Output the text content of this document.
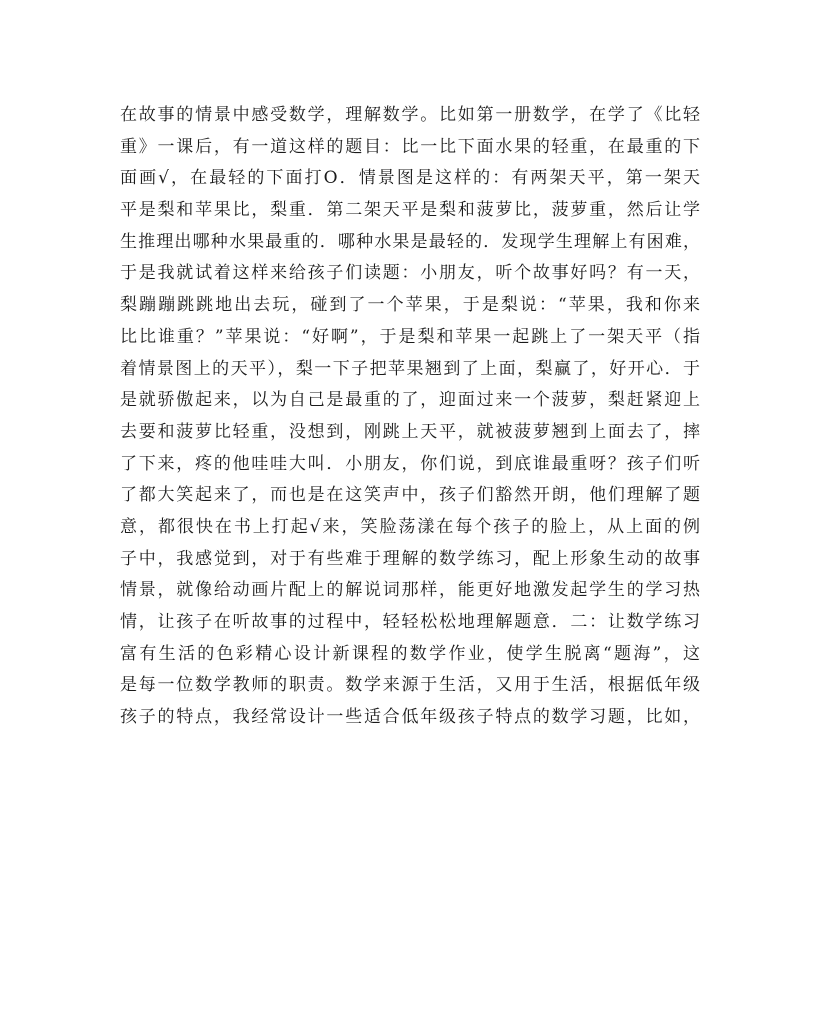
在故事的情景中感受数学，理解数学。比如第一册数学，在学了《比轻
重》一课后，有一道这样的题目：比一比下面水果的轻重，在最重的下
面画√，在最轻的下面打O．情景图是这样的：有两架天平，第一架天
平是梨和苹果比，梨重．第二架天平是梨和菠萝比，菠萝重，然后让学
生推理出哪种水果最重的．哪种水果是最轻的．发现学生理解上有困难，
于是我就试着这样来给孩子们读题：小朋友，听个故事好吗？有一天，
梨蹦蹦跳跳地出去玩，碰到了一个苹果，于是梨说：“苹果，我和你来
比比谁重？”苹果说：“好啊”，于是梨和苹果一起跳上了一架天平（指
着情景图上的天平），梨一下子把苹果翘到了上面，梨赢了，好开心．于
是就骄傲起来，以为自己是最重的了，迎面过来一个菠萝，梨赶紧迎上
去要和菠萝比轻重，没想到，刚跳上天平，就被菠萝翘到上面去了，摔
了下来，疼的他哇哇大叫．小朋友，你们说，到底谁最重呀？孩子们听
了都大笑起来了，而也是在这笑声中，孩子们豁然开朗，他们理解了题
意，都很快在书上打起√来，笑脸荡漾在每个孩子的脸上，从上面的例
子中，我感觉到，对于有些难于理解的数学练习，配上形象生动的故事
情景，就像给动画片配上的解说词那样，能更好地激发起学生的学习热
情，让孩子在听故事的过程中，轻轻松松地理解题意．二：让数学练习
富有生活的色彩精心设计新课程的数学作业，使学生脱离“题海”，这
是每一位数学教师的职责。数学来源于生活，又用于生活，根据低年级
孩子的特点，我经常设计一些适合低年级孩子特点的数学习题，比如，
